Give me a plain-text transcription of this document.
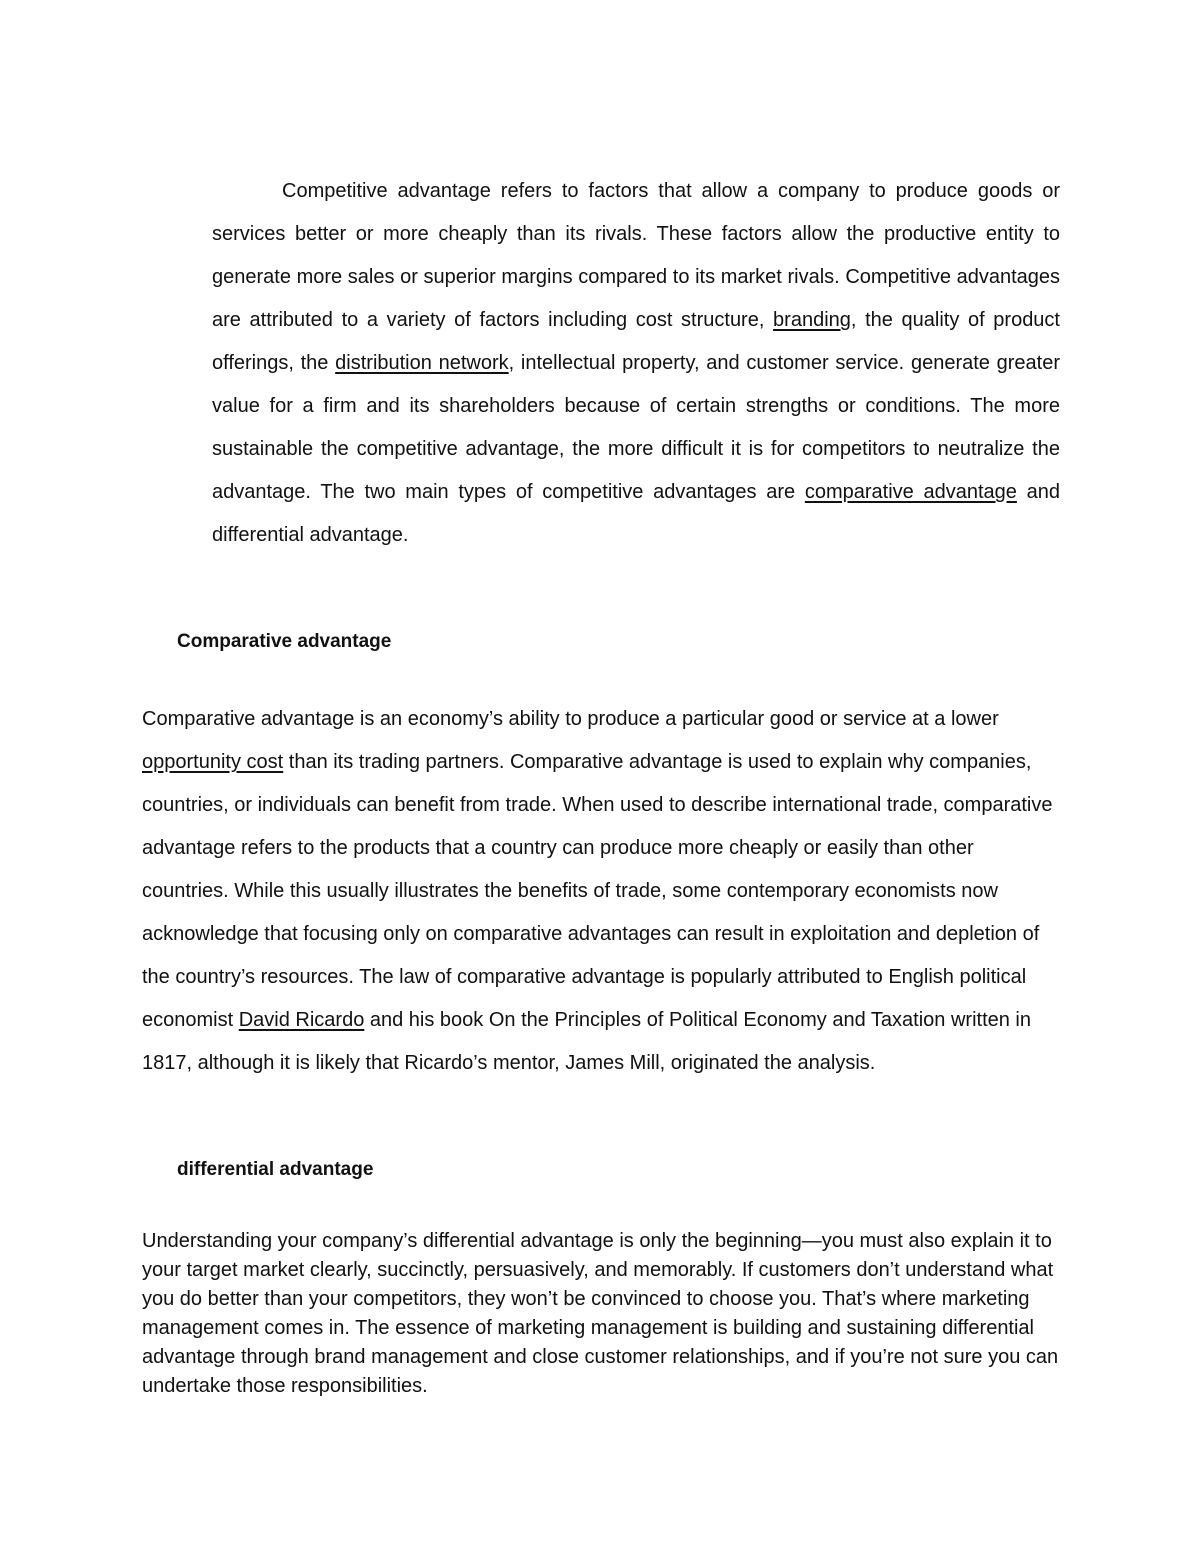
Competitive advantage refers to factors that allow a company to produce goods or services better or more cheaply than its rivals. These factors allow the productive entity to generate more sales or superior margins compared to its market rivals. Competitive advantages are attributed to a variety of factors including cost structure, branding, the quality of product offerings, the distribution network, intellectual property, and customer service. generate greater value for a firm and its shareholders because of certain strengths or conditions. The more sustainable the competitive advantage, the more difficult it is for competitors to neutralize the advantage. The two main types of competitive advantages are comparative advantage and differential advantage.

Comparative advantage

Comparative advantage is an economy’s ability to produce a particular good or service at a lower opportunity cost than its trading partners. Comparative advantage is used to explain why companies, countries, or individuals can benefit from trade. When used to describe international trade, comparative advantage refers to the products that a country can produce more cheaply or easily than other countries. While this usually illustrates the benefits of trade, some contemporary economists now acknowledge that focusing only on comparative advantages can result in exploitation and depletion of the country’s resources. The law of comparative advantage is popularly attributed to English political economist David Ricardo and his book On the Principles of Political Economy and Taxation written in 1817, although it is likely that Ricardo’s mentor, James Mill, originated the analysis.

differential advantage

Understanding your company’s differential advantage is only the beginning—you must also explain it to your target market clearly, succinctly, persuasively, and memorably. If customers don’t understand what you do better than your competitors, they won’t be convinced to choose you. That’s where marketing management comes in. The essence of marketing management is building and sustaining differential advantage through brand management and close customer relationships, and if you’re not sure you can undertake those responsibilities.
